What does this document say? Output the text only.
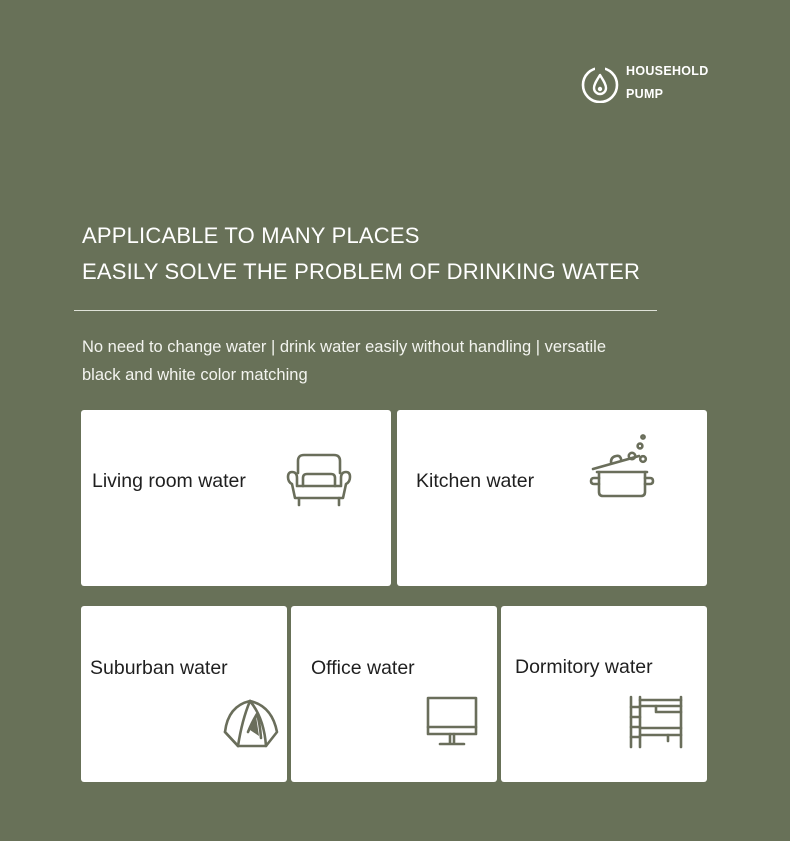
HOUSEHOLD
PUMP
APPLICABLE TO MANY PLACES
EASILY SOLVE THE PROBLEM OF DRINKING WATER
No need to change water | drink water easily without handling | versatile black and white color matching
Living room water	Kitchen water
Suburban water	Office water	Dormitory water
